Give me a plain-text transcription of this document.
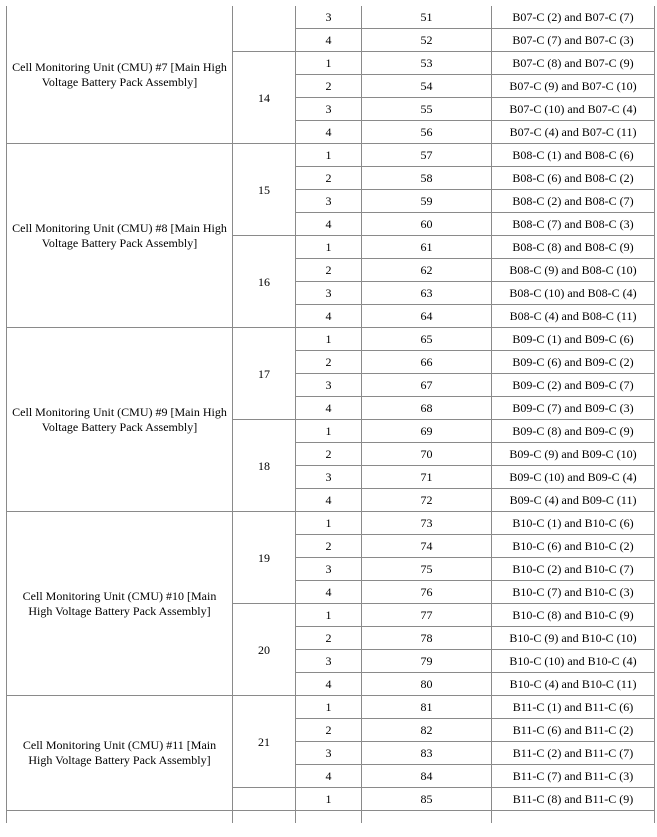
Cell Monitoring Unit (CMU) #7 [Main High Voltage Battery Pack Assembly]		3	51	B07-C (2) and B07-C (7)
		4	52	B07-C (7) and B07-C (3)
	14	1	53	B07-C (8) and B07-C (9)
		2	54	B07-C (9) and B07-C (10)
		3	55	B07-C (10) and B07-C (4)
		4	56	B07-C (4) and B07-C (11)
Cell Monitoring Unit (CMU) #8 [Main High Voltage Battery Pack Assembly]	15	1	57	B08-C (1) and B08-C (6)
		2	58	B08-C (6) and B08-C (2)
		3	59	B08-C (2) and B08-C (7)
		4	60	B08-C (7) and B08-C (3)
	16	1	61	B08-C (8) and B08-C (9)
		2	62	B08-C (9) and B08-C (10)
		3	63	B08-C (10) and B08-C (4)
		4	64	B08-C (4) and B08-C (11)
Cell Monitoring Unit (CMU) #9 [Main High Voltage Battery Pack Assembly]	17	1	65	B09-C (1) and B09-C (6)
		2	66	B09-C (6) and B09-C (2)
		3	67	B09-C (2) and B09-C (7)
		4	68	B09-C (7) and B09-C (3)
	18	1	69	B09-C (8) and B09-C (9)
		2	70	B09-C (9) and B09-C (10)
		3	71	B09-C (10) and B09-C (4)
		4	72	B09-C (4) and B09-C (11)
Cell Monitoring Unit (CMU) #10 [Main High Voltage Battery Pack Assembly]	19	1	73	B10-C (1) and B10-C (6)
		2	74	B10-C (6) and B10-C (2)
		3	75	B10-C (2) and B10-C (7)
		4	76	B10-C (7) and B10-C (3)
	20	1	77	B10-C (8) and B10-C (9)
		2	78	B10-C (9) and B10-C (10)
		3	79	B10-C (10) and B10-C (4)
		4	80	B10-C (4) and B10-C (11)
Cell Monitoring Unit (CMU) #11 [Main High Voltage Battery Pack Assembly]	21	1	81	B11-C (1) and B11-C (6)
		2	82	B11-C (6) and B11-C (2)
		3	83	B11-C (2) and B11-C (7)
		4	84	B11-C (7) and B11-C (3)
		1	85	B11-C (8) and B11-C (9)
